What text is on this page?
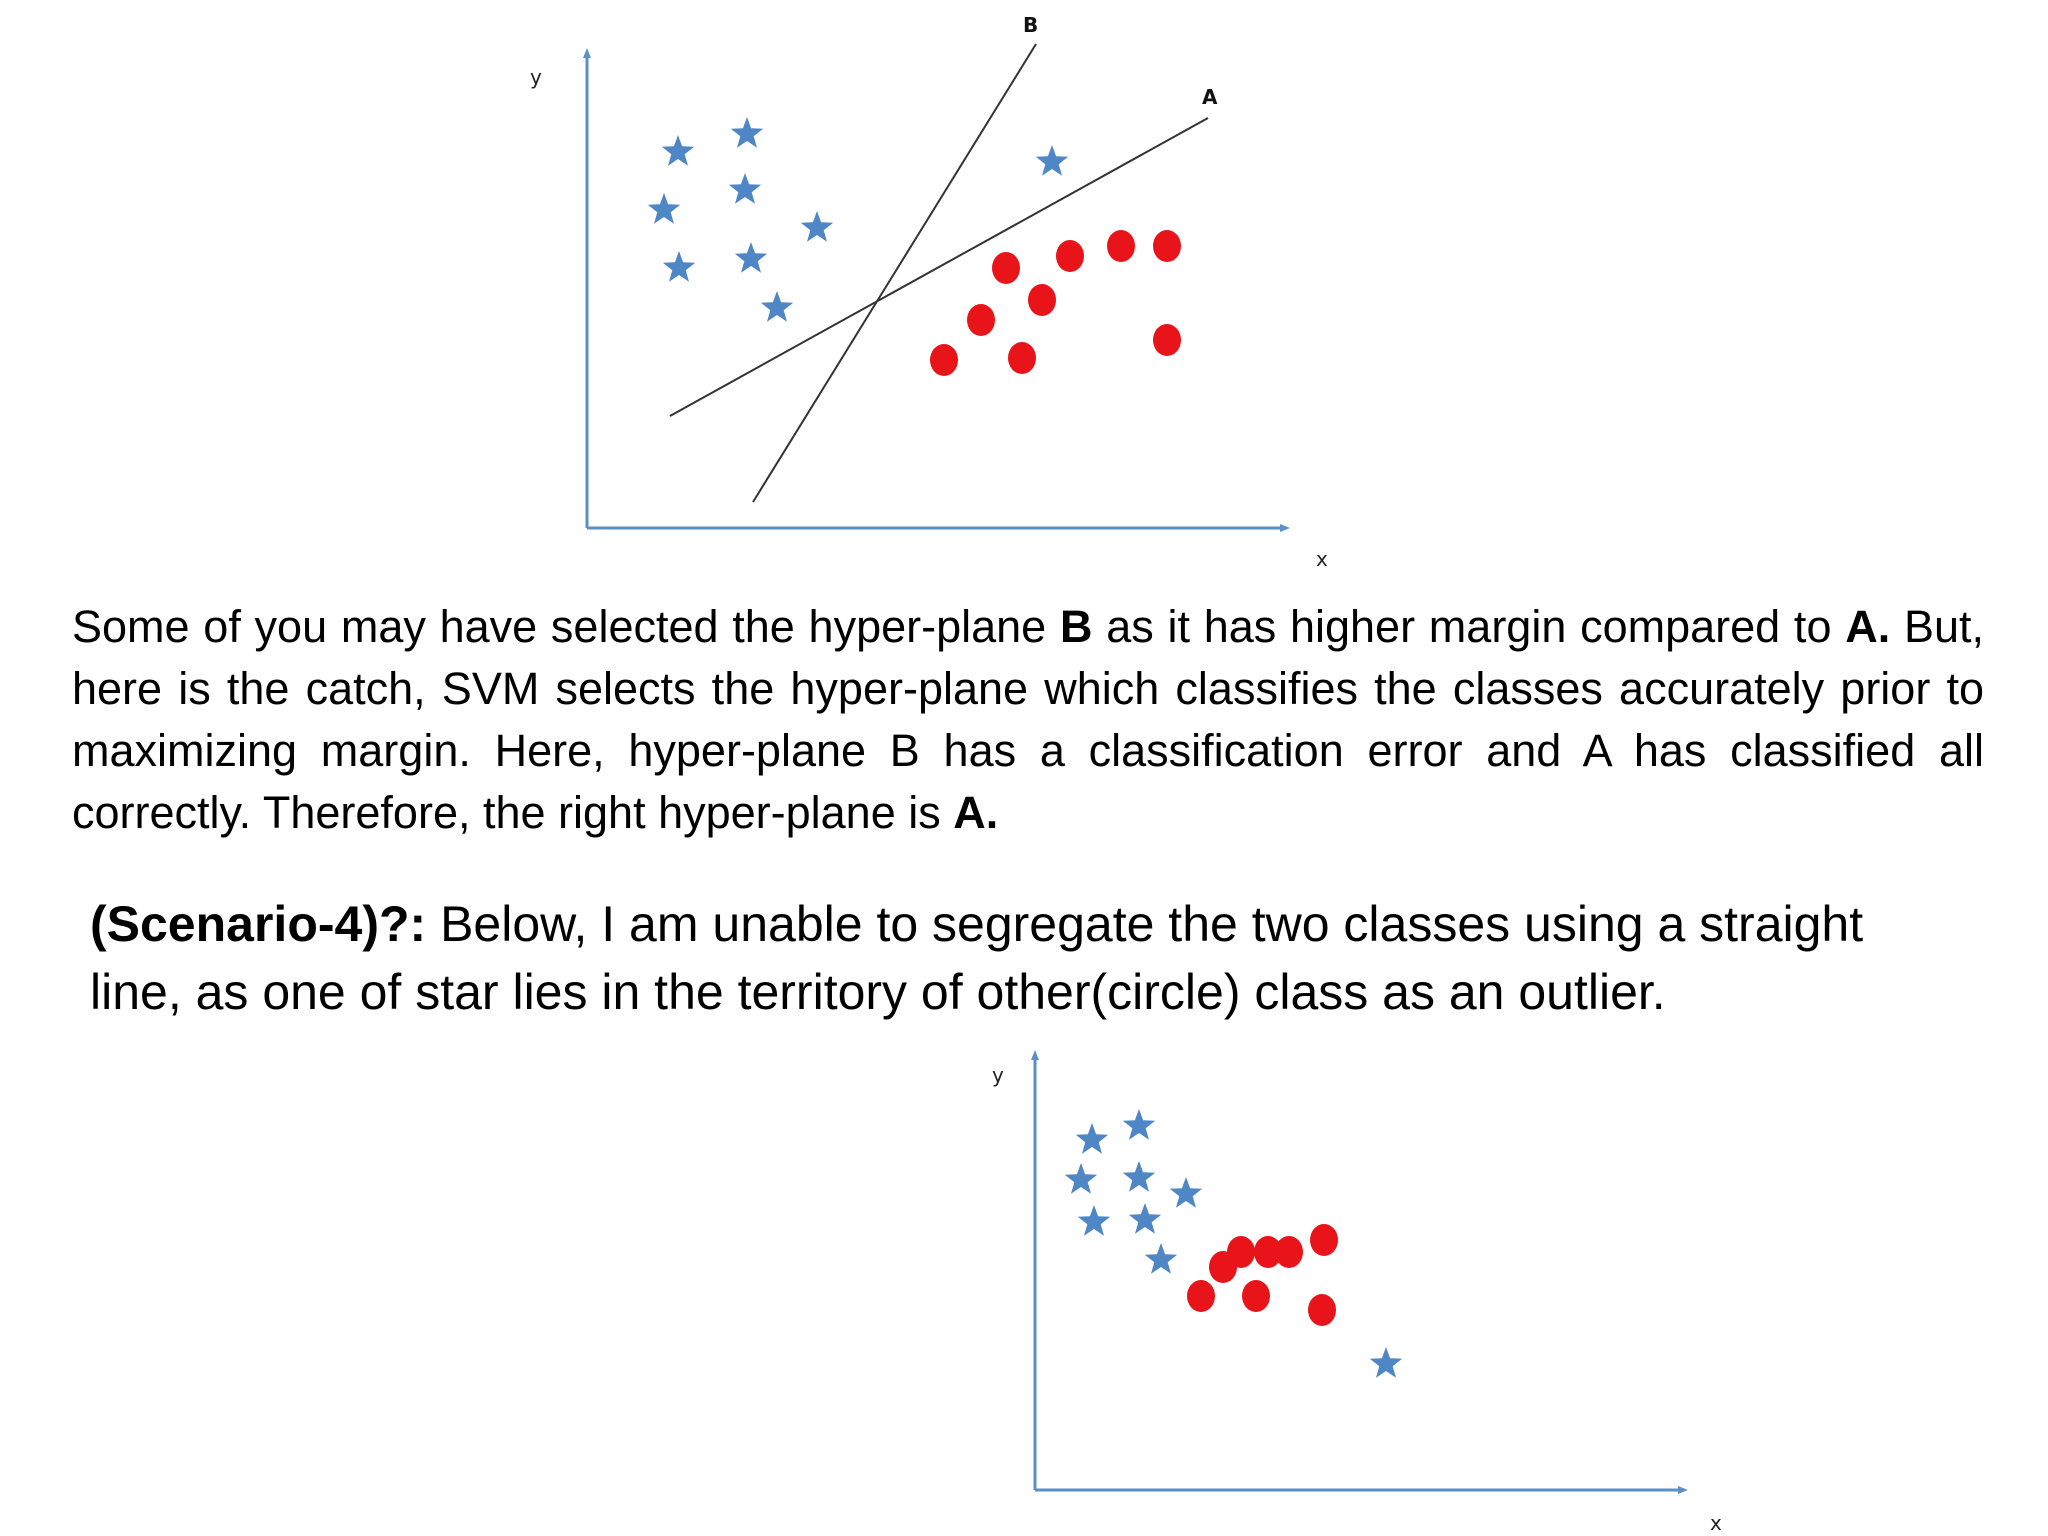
y
x
B
A

Some of you may have selected the hyper-plane B as it has higher margin compared to A. But, here is the catch, SVM selects the hyper-plane which classifies the classes accurately prior to maximizing margin. Here, hyper-plane B has a classification error and A has classified all correctly. Therefore, the right hyper-plane is A.

(Scenario-4)?: Below, I am unable to segregate the two classes using a straight line, as one of star lies in the territory of other(circle) class as an outlier.

y
x
